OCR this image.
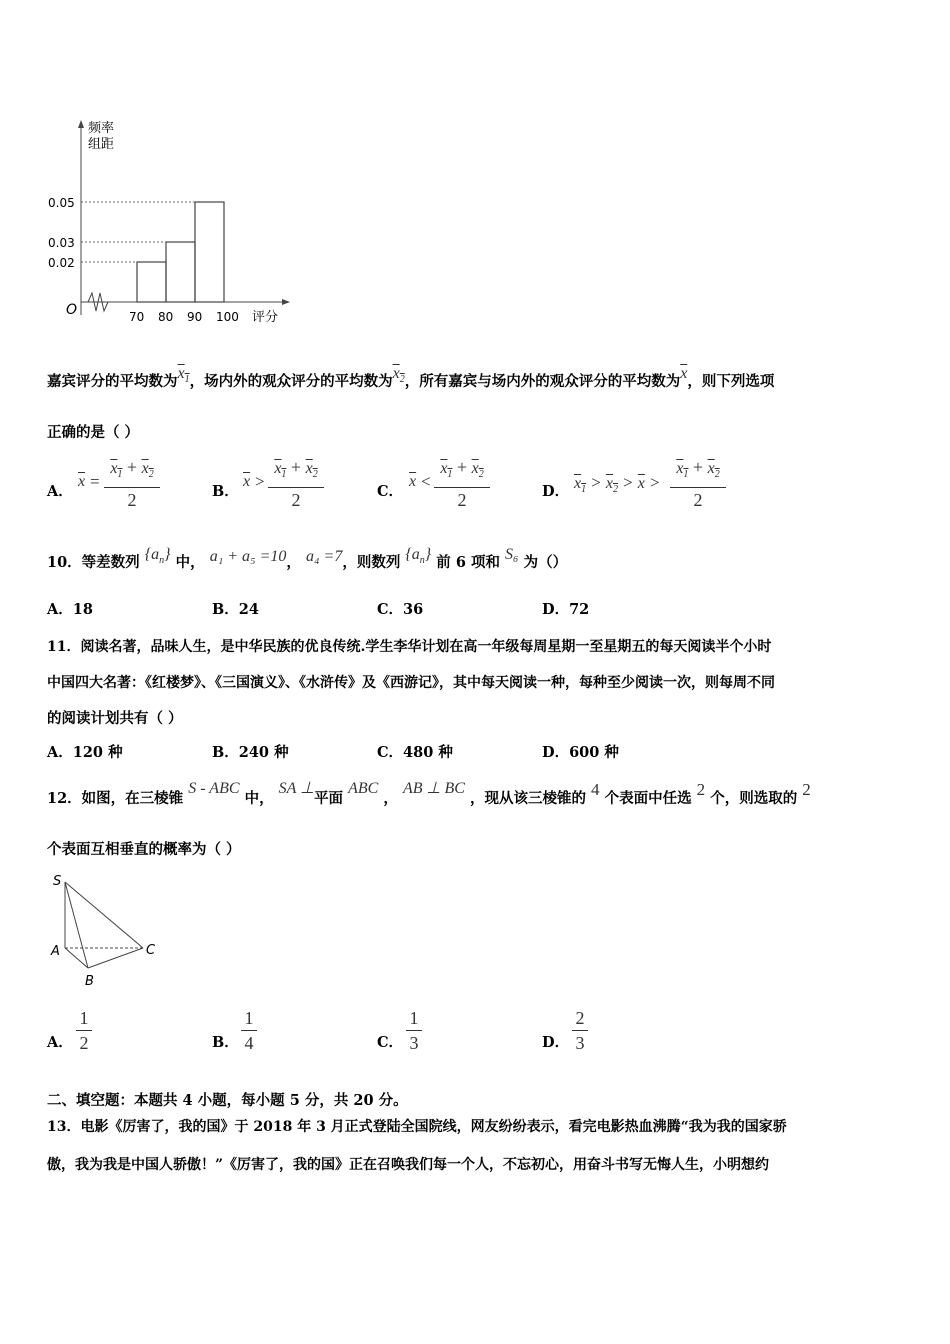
频率
组距
O	评分
0.05
0.03
0.02
70 80 90 100
嘉宾评分的平均数为$x_1$，场内外的观众评分的平均数为$x_2$，所有嘉宾与场内外的观众评分的平均数为$\overline{x}$，则下列选项
正确的是（ ）
A．
$\overline{x}$ =
$x_1 + x_2$
2	B．
$\overline{x}$ >
$x_1 + x_2$
2	C．
$\overline{x}$ <
$x_1 + x_2$
2	D． $x_1 > x_2 > \overline{x}$ >
$x_1 + x_2$
2
10．等差数列 $\{a_n\}$ 中， a₁ + a₅ =10， a₄ =7，则数列 $\{a_n\}$ 前 6 项和 S₆ 为（）
A．18	B．24	C．36	D．72
11．阅读名著，品味人生，是中华民族的优良传统.学生李华计划在高一年级每周星期一至星期五的每天阅读半个小时
中国四大名著：《红楼梦》、《三国演义》、《水浒传》及《西游记》，其中每天阅读一种，每种至少阅读一次，则每周不同
的阅读计划共有（ ）
A．120 种	B．240 种	C．480 种	D．600 种
12．如图，在三棱锥 S - ABC 中， SA ⊥平面 ABC ， AB ⊥ BC ，现从该三棱锥的 4 个表面中任选 2 个，则选取的 2
个表面互相垂直的概率为（ ）
S
A
B
C
A．
1
2	B．
1
4	C．
1
3	D．
2
3
二、填空题：本题共 4 小题，每小题 5 分，共 20 分。
13．电影《厉害了，我的国》于 2018 年 3 月正式登陆全国院线，网友纷纷表示，看完电影热血沸腾“我为我的国家骄
傲，我为我是中国人骄傲！”《厉害了，我的国》正在召唤我们每一个人，不忘初心，用奋斗书写无悔人生，小明想约
